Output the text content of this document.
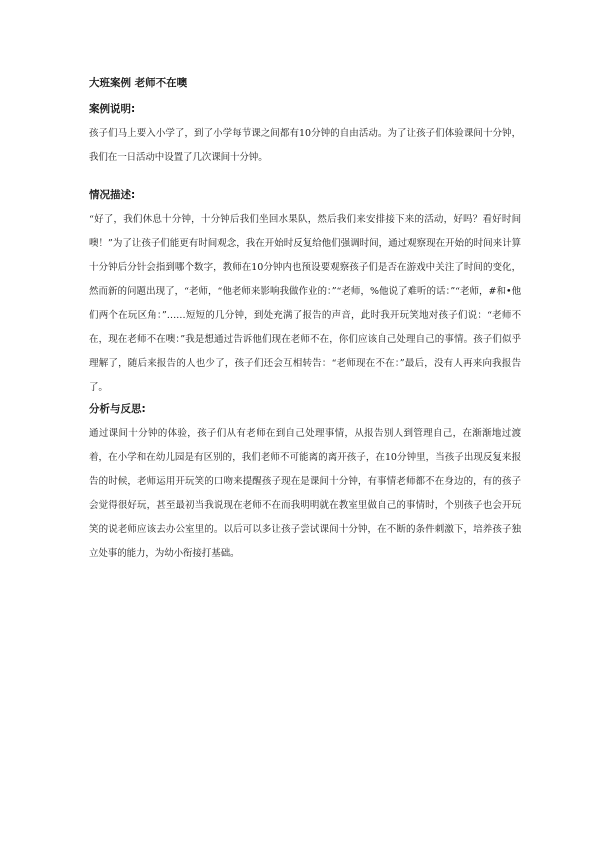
大班案例 老师不在噢
案例说明:

孩子们马上要入小学了，到了小学每节课之间都有10分钟的自由活动。为了让孩子们体验课间十分钟，我们在一日活动中设置了几次课间十分钟。

情况描述:

“好了，我们休息十分钟，十分钟后我们坐回水果队，然后我们来安排接下来的活动，好吗？看好时间噢！”为了让孩子们能更有时间观念，我在开始时反复给他们强调时间，通过观察现在开始的时间来计算十分钟后分针会指到哪个数字，教师在10分钟内也预设要观察孩子们是否在游戏中关注了时间的变化，然而新的问题出现了，“老师，“他老师来影响我做作业的：”“老师，%他说了难听的话：”“老师，#和•他们两个在玩区角：”……短短的几分钟，到处充满了报告的声音，此时我开玩笑地对孩子们说：“老师不在，现在老师不在噢：”我是想通过告诉他们现在老师不在，你们应该自己处理自己的事情。孩子们似乎理解了，随后来报告的人也少了，孩子们还会互相转告：“老师现在不在：”最后，没有人再来向我报告了。

分析与反思:

通过课间十分钟的体验，孩子们从有老师在到自己处理事情，从报告别人到管理自己，在渐渐地过渡着，在小学和在幼儿园是有区别的，我们老师不可能离的离开孩子，在10分钟里，当孩子出现反复来报告的时候，老师运用开玩笑的口吻来提醒孩子现在是课间十分钟，有事情老师都不在身边的，有的孩子会觉得很好玩，甚至最初当我说现在老师不在而我明明就在教室里做自己的事情时，个别孩子也会开玩笑的说老师应该去办公室里的。以后可以多让孩子尝试课间十分钟，在不断的条件刺激下，培养孩子独立处事的能力，为幼小衔接打基础。
